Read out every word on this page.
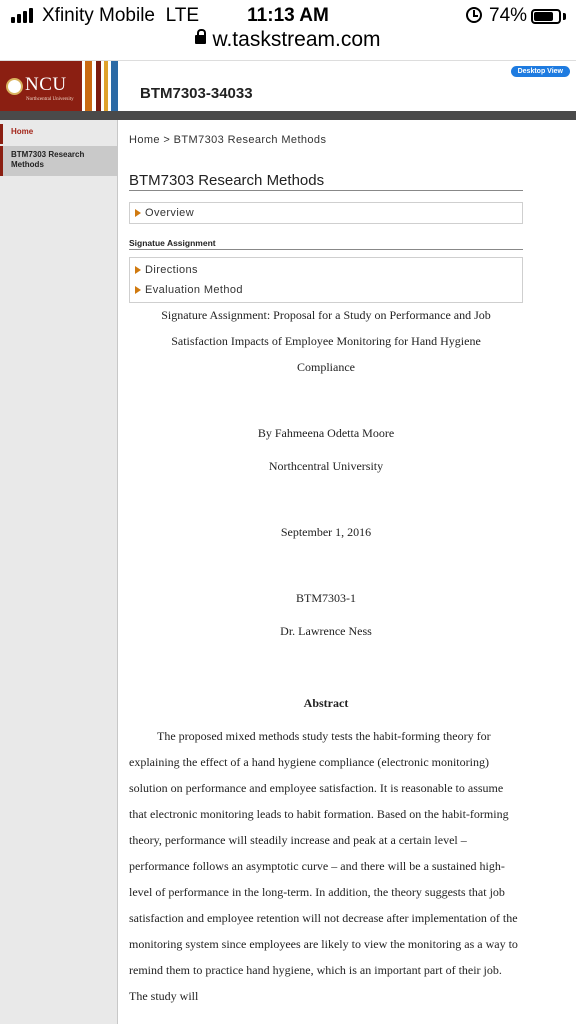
Xfinity Mobile LTE	11:13 AM	74%
w.taskstream.com
NCU
Northcentral University
Desktop View
BTM7303-34033
Home
BTM7303 Research Methods
Home > BTM7303 Research Methods
BTM7303 Research Methods
Overview
Signatue Assignment
Directions
Evaluation Method

Signature Assignment: Proposal for a Study on Performance and Job

Satisfaction Impacts of Employee Monitoring for Hand Hygiene

Compliance

By Fahmeena Odetta Moore

Northcentral University

September 1, 2016

BTM7303-1

Dr. Lawrence Ness

Abstract

The proposed mixed methods study tests the habit-forming theory for explaining the effect of a hand hygiene compliance (electronic monitoring) solution on performance and employee satisfaction. It is reasonable to assume that electronic monitoring leads to habit formation. Based on the habit-forming theory, performance will steadily increase and peak at a certain level – performance follows an asymptotic curve – and there will be a sustained high-level of performance in the long-term. In addition, the theory suggests that job satisfaction and employee retention will not decrease after implementation of the monitoring system since employees are likely to view the monitoring as a way to remind them to practice hand hygiene, which is an important part of their job. The study will
